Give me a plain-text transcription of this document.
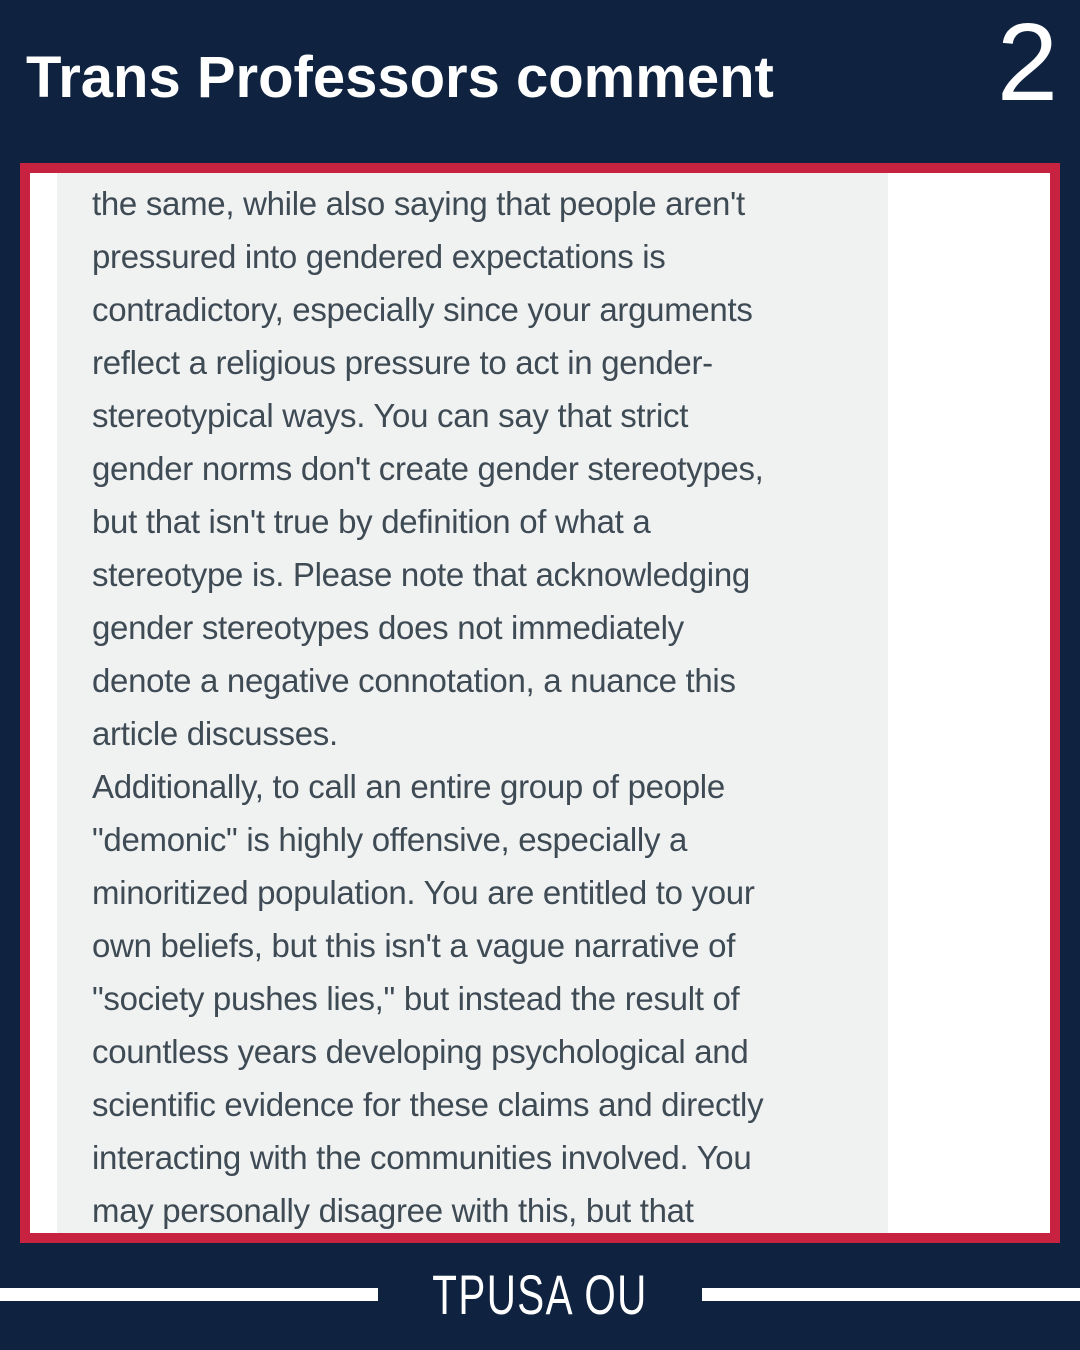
Trans Professors comment 2
the same, while also saying that people aren't
pressured into gendered expectations is
contradictory, especially since your arguments
reflect a religious pressure to act in gender-
stereotypical ways. You can say that strict
gender norms don't create gender stereotypes,
but that isn't true by definition of what a
stereotype is. Please note that acknowledging
gender stereotypes does not immediately
denote a negative connotation, a nuance this
article discusses.
Additionally, to call an entire group of people
"demonic" is highly offensive, especially a
minoritized population. You are entitled to your
own beliefs, but this isn't a vague narrative of
"society pushes lies," but instead the result of
countless years developing psychological and
scientific evidence for these claims and directly
interacting with the communities involved. You
may personally disagree with this, but that
TPUSA OU
